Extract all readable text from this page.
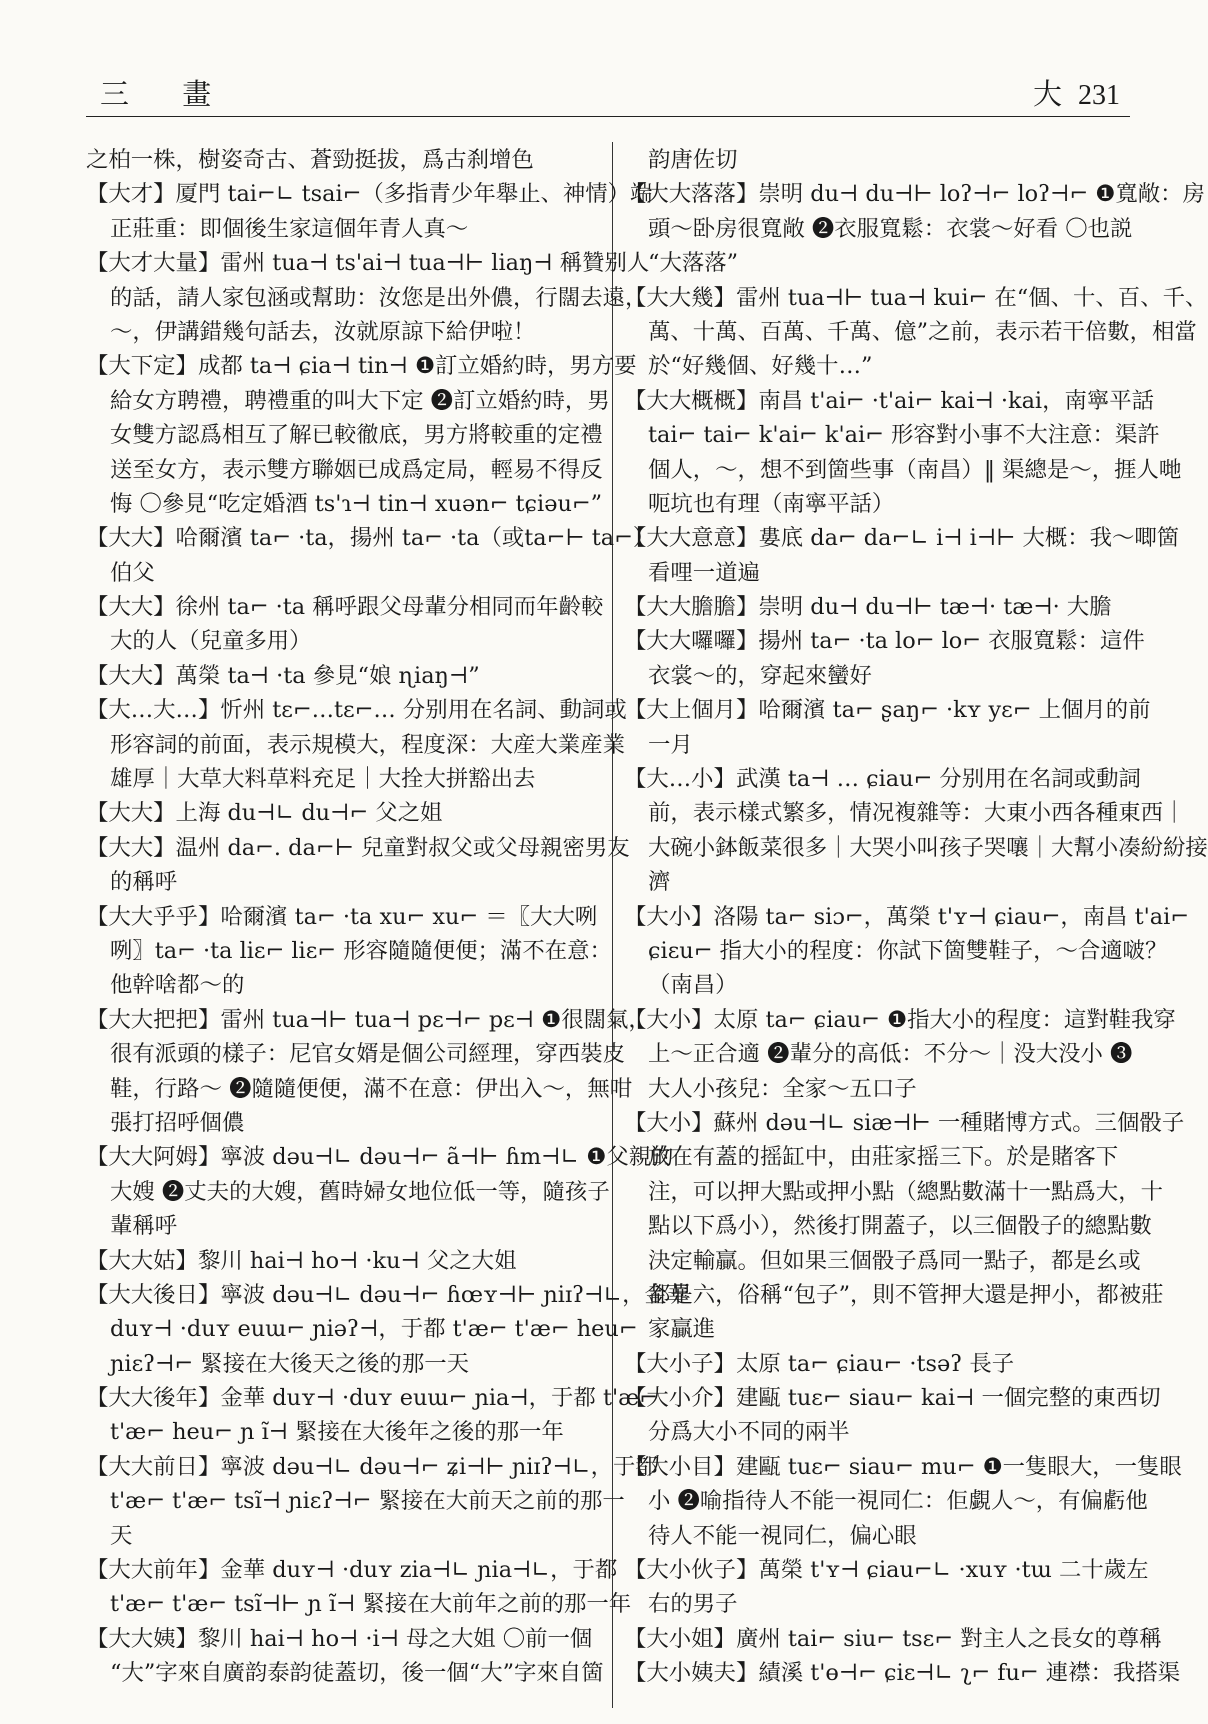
三 畫	大 231
之柏一株，樹姿奇古、蒼勁挺拔，爲古刹增色
【大才】厦門 tai⌐∟ tsai⌐（多指青少年舉止、神情）端
正莊重：即個後生家這個年青人真～
【大才大量】雷州 tua⊣ ts'ai⊣ tua⊣⊢ liaŋ⊣ 稱贊别人
的話，請人家包涵或幫助：汝您是出外儂，行闊去遠，
～，伊講錯幾句話去，汝就原諒下給伊啦！
【大下定】成都 ta⊣ ɕia⊣ tin⊣ ❶訂立婚約時，男方要
給女方聘禮，聘禮重的叫大下定 ❷訂立婚約時，男
女雙方認爲相互了解已較徹底，男方將較重的定禮
送至女方，表示雙方聯姻已成爲定局，輕易不得反
悔 〇參見“吃定婚酒 ts'ɿ⊣ tin⊣ xuən⌐ tɕiəu⌐”
【大大】哈爾濱 ta⌐ ·ta，揚州 ta⌐ ·ta（或ta⌐⊢ ta⌐）
伯父
【大大】徐州 ta⌐ ·ta 稱呼跟父母輩分相同而年齡較
大的人（兒童多用）
【大大】萬榮 ta⊣ ·ta 參見“娘 ɳiaŋ⊣”
【大…大…】忻州 tɛ⌐…tɛ⌐… 分别用在名詞、動詞或
形容詞的前面，表示規模大，程度深：大産大業産業
雄厚｜大草大料草料充足｜大拴大拼豁出去
【大大】上海 du⊣∟ du⊣⌐ 父之姐
【大大】温州 da⌐. da⌐⊢ 兒童對叔父或父母親密男友
的稱呼
【大大乎乎】哈爾濱 ta⌐ ·ta xu⌐ xu⌐ ＝〖大大咧
咧〗ta⌐ ·ta liɛ⌐ liɛ⌐ 形容隨隨便便；滿不在意：
他幹啥都～的
【大大把把】雷州 tua⊣⊢ tua⊣ pɛ⊣⌐ pɛ⊣ ❶很闊氣，
很有派頭的樣子：尼官女婿是個公司經理，穿西裝皮
鞋，行路～ ❷隨隨便便，滿不在意：伊出入～，無咁
張打招呼個儂
【大大阿姆】寧波 dəu⊣∟ dəu⊣⌐ ã⊣⊢ ɦm⊣∟ ❶父親的
大嫂 ❷丈夫的大嫂，舊時婦女地位低一等，隨孩子
輩稱呼
【大大姑】黎川 hai⊣ ho⊣ ·ku⊣ 父之大姐
【大大後日】寧波 dəu⊣∟ dəu⊣⌐ ɦœʏ⊣⊢ ɲiɪʔ⊣∟，金華
duʏ⊣ ·duʏ euɯ⌐ ɲiəʔ⊣，于都 t'æ⌐ t'æ⌐ heu⌐
ɲiɛʔ⊣⌐ 緊接在大後天之後的那一天
【大大後年】金華 duʏ⊣ ·duʏ euɯ⌐ ɲia⊣，于都 t'æ⌐
t'æ⌐ heu⌐ ɲ ĩ⊣ 緊接在大後年之後的那一年
【大大前日】寧波 dəu⊣∟ dəu⊣⌐ ʑi⊣⊢ ɲiɪʔ⊣∟，于都
t'æ⌐ t'æ⌐ tsĩ⊣ ɲiɛʔ⊣⌐ 緊接在大前天之前的那一
天
【大大前年】金華 duʏ⊣ ·duʏ zia⊣∟ ɲia⊣∟，于都
t'æ⌐ t'æ⌐ tsĩ⊣⊢ ɲ ĩ⊣ 緊接在大前年之前的那一年
【大大姨】黎川 hai⊣ ho⊣ ·i⊣ 母之大姐 〇前一個
“大”字來自廣韵泰韵徒蓋切，後一個“大”字來自箇
韵唐佐切
【大大落落】崇明 du⊣ du⊣⊢ loʔ⊣⌐ loʔ⊣⌐ ❶寬敞：房
頭～卧房很寬敞 ❷衣服寬鬆：衣裳～好看 〇也説
“大落落”
【大大幾】雷州 tua⊣⊢ tua⊣ kui⌐ 在“個、十、百、千、
萬、十萬、百萬、千萬、億”之前，表示若干倍數，相當
於“好幾個、好幾十…”
【大大概概】南昌 t'ai⌐ ·t'ai⌐ kai⊣ ·kai，南寧平話
tai⌐ tai⌐ k'ai⌐ k'ai⌐ 形容對小事不大注意：渠許
個人，～，想不到箇些事（南昌）‖ 渠總是～，捱人哋
呃坑也有理（南寧平話）
【大大意意】婁底 da⌐ da⌐∟ i⊣ i⊣⊢ 大概：我～唧箇
看哩一道遍
【大大膽膽】崇明 du⊣ du⊣⊢ tæ⊣· tæ⊣· 大膽
【大大囉囉】揚州 ta⌐ ·ta lo⌐ lo⌐ 衣服寬鬆：這件
衣裳～的，穿起來蠻好
【大上個月】哈爾濱 ta⌐ ʂaŋ⌐ ·kʏ yɛ⌐ 上個月的前
一月
【大…小】武漢 ta⊣ … ɕiau⌐ 分别用在名詞或動詞
前，表示樣式繁多，情况複雜等：大東小西各種東西｜
大碗小鉢飯菜很多｜大哭小叫孩子哭嚷｜大幫小凑紛紛接
濟
【大小】洛陽 ta⌐ siɔ⌐，萬榮 t'ʏ⊣ ɕiau⌐，南昌 t'ai⌐
ɕiɛu⌐ 指大小的程度：你試下箇雙鞋子，～合適啵？
（南昌）
【大小】太原 ta⌐ ɕiau⌐ ❶指大小的程度：這對鞋我穿
上～正合適 ❷輩分的高低：不分～｜没大没小 ❸
大人小孩兒：全家～五口子
【大小】蘇州 dəu⊣∟ siæ⊣⊢ 一種賭博方式。三個骰子
放在有蓋的摇缸中，由莊家摇三下。於是賭客下
注，可以押大點或押小點（總點數滿十一點爲大，十
點以下爲小），然後打開蓋子，以三個骰子的總點數
決定輸贏。但如果三個骰子爲同一點子，都是幺或
都是六，俗稱“包子”，則不管押大還是押小，都被莊
家贏進
【大小子】太原 ta⌐ ɕiau⌐ ·tsəʔ 長子
【大小介】建甌 tuɛ⌐ siau⌐ kai⊣ 一個完整的東西切
分爲大小不同的兩半
【大小目】建甌 tuɛ⌐ siau⌐ mu⌐ ❶一隻眼大，一隻眼
小 ❷喻指待人不能一視同仁：佢覷人～，有偏虧他
待人不能一視同仁，偏心眼
【大小伙子】萬榮 t'ʏ⊣ ɕiau⌐∟ ·xuʏ ·tɯ 二十歲左
右的男子
【大小姐】廣州 tai⌐ siu⌐ tsɛ⌐ 對主人之長女的尊稱
【大小姨夫】績溪 t'ɵ⊣⌐ ɕiɛ⊣∟ ʅ⌐ fu⌐ 連襟：我搭渠
